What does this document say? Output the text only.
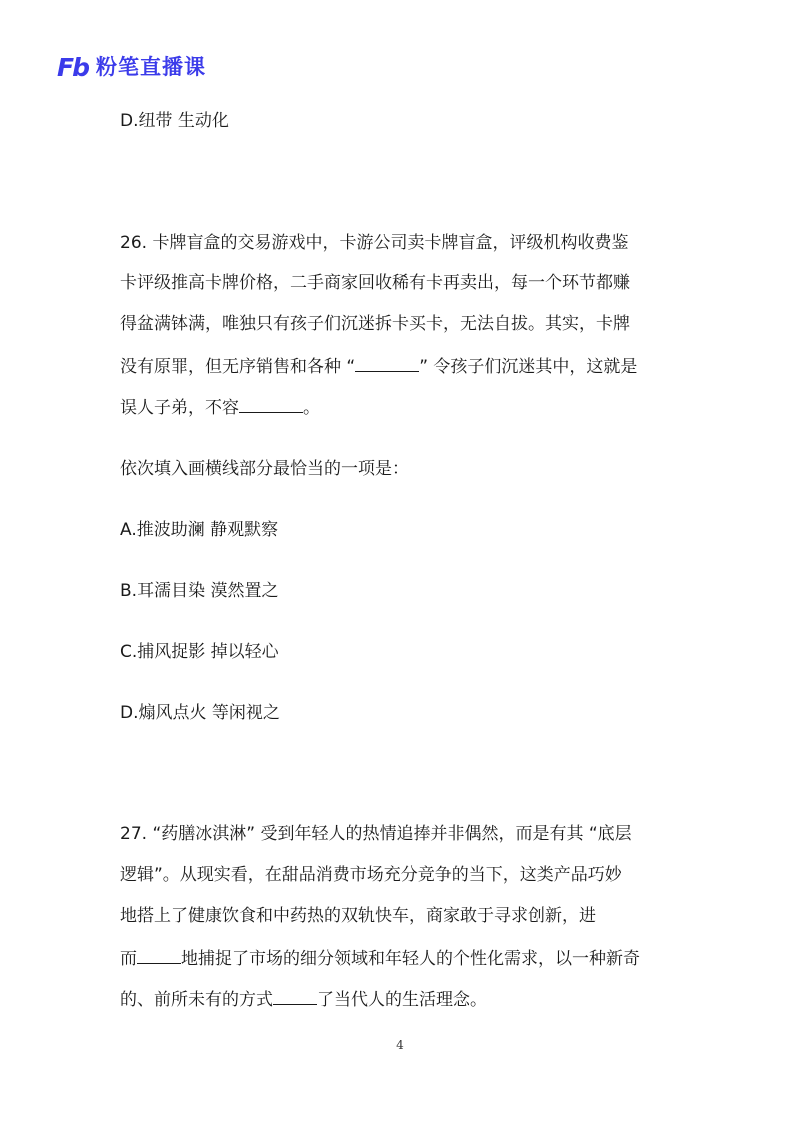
Fb 粉笔直播课
D.纽带 生动化
26. 卡牌盲盒的交易游戏中，卡游公司卖卡牌盲盒，评级机构收费鉴
卡评级推高卡牌价格，二手商家回收稀有卡再卖出，每一个环节都赚
得盆满钵满，唯独只有孩子们沉迷拆卡买卡，无法自拔。其实，卡牌
没有原罪，但无序销售和各种 “	” 令孩子们沉迷其中，这就是
误人子弟，不容	。
依次填入画横线部分最恰当的一项是：
A.推波助澜 静观默察
B.耳濡目染 漠然置之
C.捕风捉影 掉以轻心
D.煽风点火 等闲视之
27. “药膳冰淇淋” 受到年轻人的热情追捧并非偶然，而是有其 “底层
逻辑”。从现实看，在甜品消费市场充分竞争的当下，这类产品巧妙
地搭上了健康饮食和中药热的双轨快车，商家敢于寻求创新，进
而	地捕捉了市场的细分领域和年轻人的个性化需求，以一种新奇
的、前所未有的方式	了当代人的生活理念。
4
